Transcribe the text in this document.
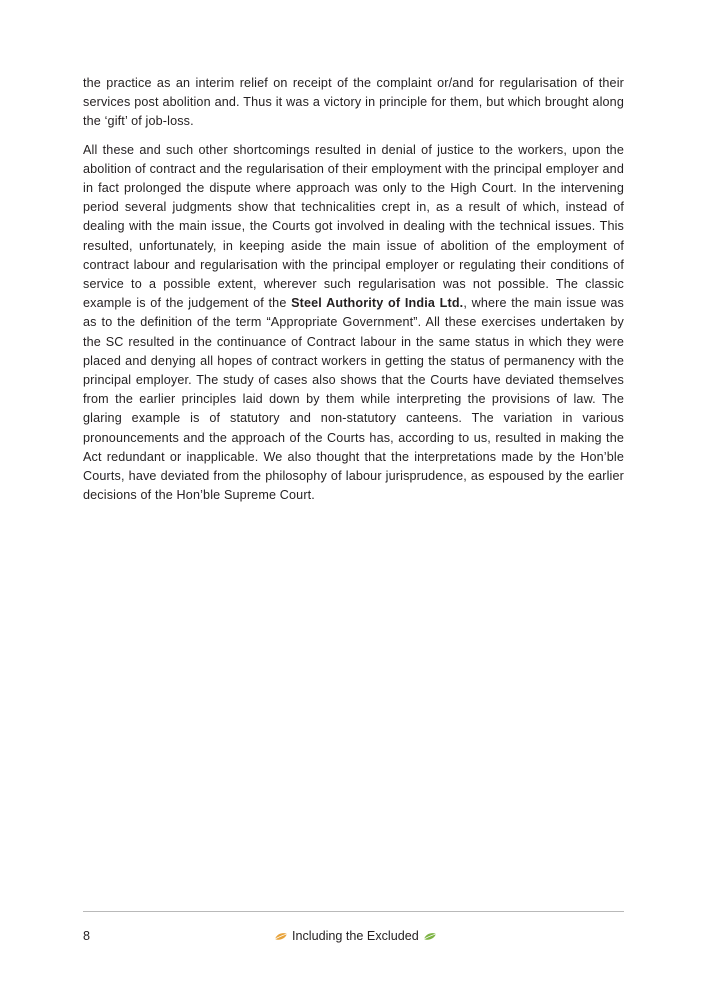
the practice as an interim relief on receipt of the complaint or/and for regularisation of their services post abolition and. Thus it was a victory in principle for them, but which brought along the ‘gift’ of job-loss.

All these and such other shortcomings resulted in denial of justice to the workers, upon the abolition of contract and the regularisation of their employment with the principal employer and in fact prolonged the dispute where approach was only to the High Court. In the intervening period several judgments show that technicalities crept in, as a result of which, instead of dealing with the main issue, the Courts got involved in dealing with the technical issues. This resulted, unfortunately, in keeping aside the main issue of abolition of the employment of contract labour and regularisation with the principal employer or regulating their conditions of service to a possible extent, wherever such regularisation was not possible. The classic example is of the judgement of the Steel Authority of India Ltd., where the main issue was as to the definition of the term “Appropriate Government”. All these exercises undertaken by the SC resulted in the continuance of Contract labour in the same status in which they were placed and denying all hopes of contract workers in getting the status of permanency with the principal employer. The study of cases also shows that the Courts have deviated themselves from the earlier principles laid down by them while interpreting the provisions of law. The glaring example is of statutory and non-statutory canteens. The variation in various pronouncements and the approach of the Courts has, according to us, resulted in making the Act redundant or inapplicable. We also thought that the interpretations made by the Hon’ble Courts, have deviated from the philosophy of labour jurisprudence, as espoused by the earlier decisions of the Hon’ble Supreme Court.

8	Including the Excluded
